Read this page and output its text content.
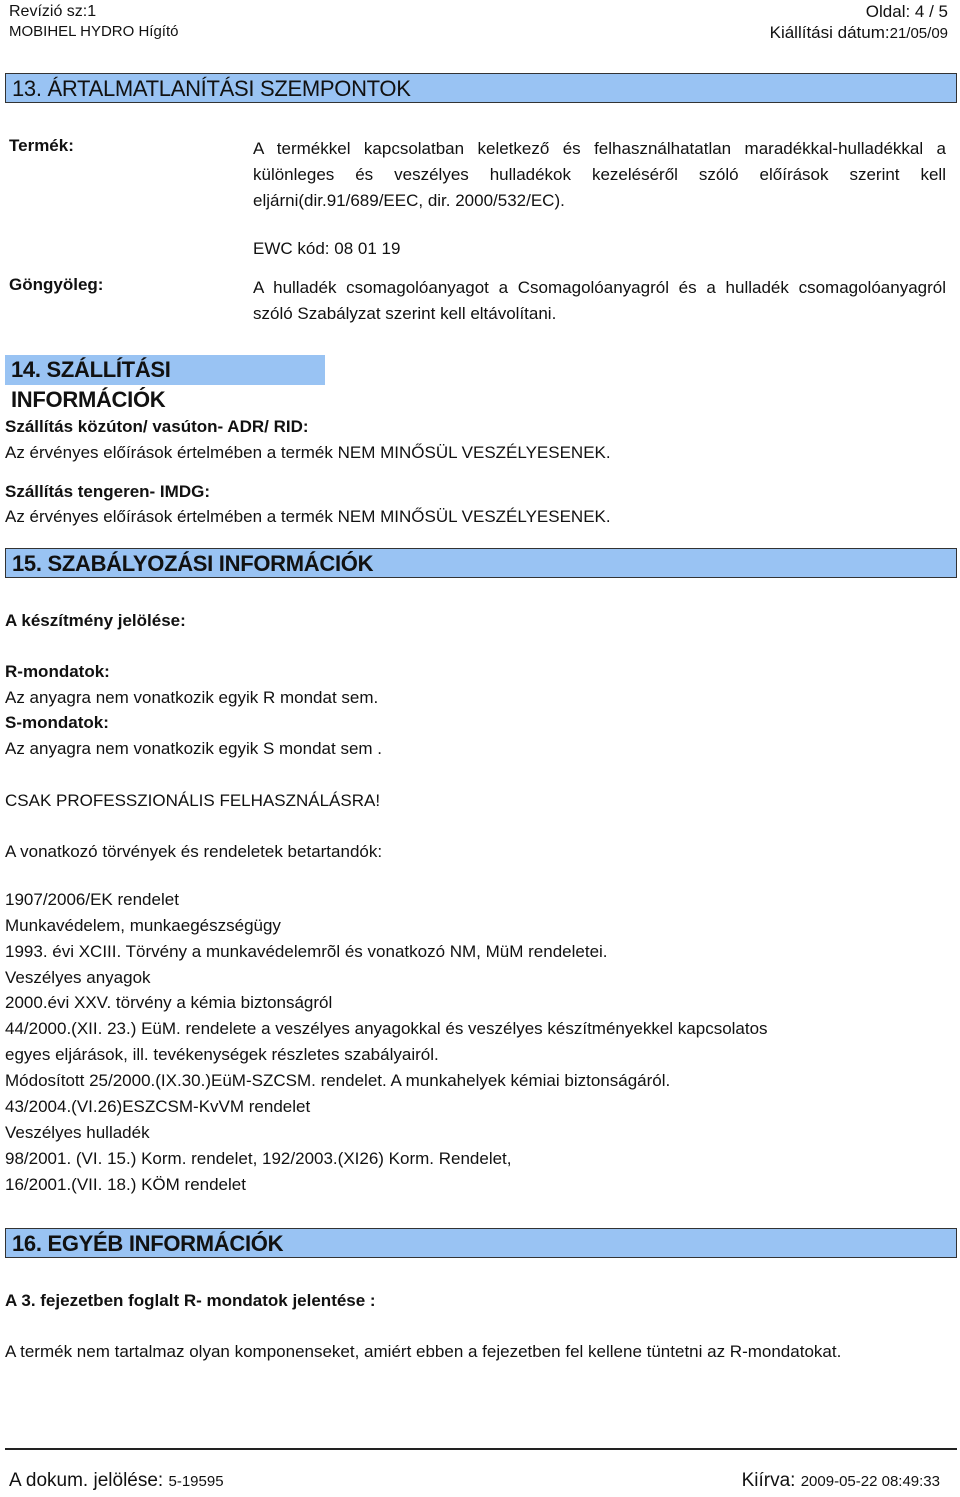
Revízió sz:1
MOBIHEL HYDRO Hígító
Oldal: 4 / 5
Kiállítási dátum:21/05/09
13. ÁRTALMATLANÍTÁSI SZEMPONTOK
Termék:	A termékkel kapcsolatban keletkező és felhasználhatatlan maradékkal-hulladékkal a különleges és veszélyes hulladékok kezeléséről szóló előírások szerint kell eljárni(dir.91/689/EEC, dir. 2000/532/EC).
EWC kód: 08 01 19
Göngyöleg:	A hulladék csomagolóanyagot a Csomagolóanyagról és a hulladék csomagolóanyagról szóló Szabályzat szerint kell eltávolítani.
14. SZÁLLÍTÁSI INFORMÁCIÓK
Szállítás közúton/ vasúton- ADR/ RID:
Az érvényes előírások értelmében a termék NEM MINŐSÜL VESZÉLYESENEK.
Szállítás tengeren- IMDG:
Az érvényes előírások értelmében a termék NEM MINŐSÜL VESZÉLYESENEK.
15. SZABÁLYOZÁSI INFORMÁCIÓK
A készítmény jelölése:
R-mondatok:
Az anyagra nem vonatkozik egyik R mondat sem.
S-mondatok:
Az anyagra nem vonatkozik egyik S mondat sem .
CSAK PROFESSZIONÁLIS FELHASZNÁLÁSRA!
A vonatkozó törvények és rendeletek betartandók:
1907/2006/EK rendelet
Munkavédelem, munkaegészségügy
1993. évi XCIII. Törvény a munkavédelemrõl és vonatkozó NM, MüM rendeletei.
Veszélyes anyagok
2000.évi XXV. törvény a kémia biztonságról
44/2000.(XII. 23.) EüM. rendelete a veszélyes anyagokkal és veszélyes készítményekkel kapcsolatos
egyes eljárások, ill. tevékenységek részletes szabályairól.
Módosított 25/2000.(IX.30.)EüM-SZCSM. rendelet. A munkahelyek kémiai biztonságáról.
43/2004.(VI.26)ESZCSM-KvVM rendelet
Veszélyes hulladék
98/2001. (VI. 15.) Korm. rendelet, 192/2003.(XI26) Korm. Rendelet,
16/2001.(VII. 18.) KÖM rendelet
16. EGYÉB INFORMÁCIÓK
A 3. fejezetben foglalt R- mondatok jelentése :
A termék nem tartalmaz olyan komponenseket, amiért ebben a fejezetben fel kellene tüntetni az R-mondatokat.
A dokum. jelölése: 5-19595	Kiírva: 2009-05-22 08:49:33
